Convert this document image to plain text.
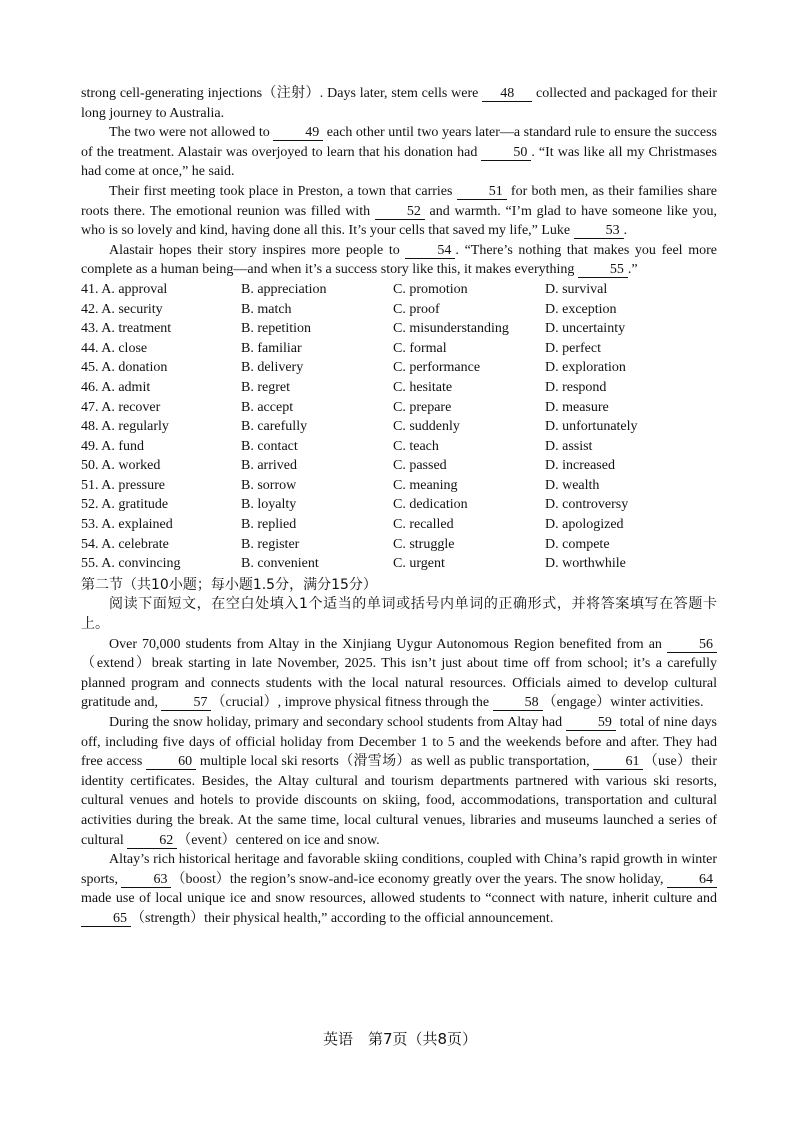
strong cell-generating injections（注射）. Days later, stem cells were 48 collected and packaged for their long journey to Australia.

The two were not allowed to 49 each other until two years later—a standard rule to ensure the success of the treatment. Alastair was overjoyed to learn that his donation had 50 . “It was like all my Christmases had come at once,” he said.

Their first meeting took place in Preston, a town that carries 51 for both men, as their families share roots there. The emotional reunion was filled with 52 and warmth. “I’m glad to have someone like you, who is so lovely and kind, having done all this. It’s your cells that saved my life,” Luke 53 .

Alastair hopes their story inspires more people to 54 . “There’s nothing that makes you feel more complete as a human being—and when it’s a success story like this, it makes everything 55 .”

41. A. approval	B. appreciation	C. promotion	D. survival
42. A. security	B. match	C. proof	D. exception
43. A. treatment	B. repetition	C. misunderstanding	D. uncertainty
44. A. close	B. familiar	C. formal	D. perfect
45. A. donation	B. delivery	C. performance	D. exploration
46. A. admit	B. regret	C. hesitate	D. respond
47. A. recover	B. accept	C. prepare	D. measure
48. A. regularly	B. carefully	C. suddenly	D. unfortunately
49. A. fund	B. contact	C. teach	D. assist
50. A. worked	B. arrived	C. passed	D. increased
51. A. pressure	B. sorrow	C. meaning	D. wealth
52. A. gratitude	B. loyalty	C. dedication	D. controversy
53. A. explained	B. replied	C. recalled	D. apologized
54. A. celebrate	B. register	C. struggle	D. compete
55. A. convincing	B. convenient	C. urgent	D. worthwhile

第二节（共10小题；每小题1.5分，满分15分）

阅读下面短文，在空白处填入1个适当的单词或括号内单词的正确形式，并将答案填写在答题卡上。

Over 70,000 students from Altay in the Xinjiang Uygur Autonomous Region benefited from an 56（extend）break starting in late November, 2025. This isn’t just about time off from school; it’s a carefully planned program and connects students with the local natural resources. Officials aimed to develop cultural gratitude and, 57 （crucial）, improve physical fitness through the 58 （engage）winter activities.

During the snow holiday, primary and secondary school students from Altay had 59 total of nine days off, including five days of official holiday from December 1 to 5 and the weekends before and after. They had free access 60 multiple local ski resorts（滑雪场）as well as public transportation, 61 （use）their identity certificates. Besides, the Altay cultural and tourism departments partnered with various ski resorts, cultural venues and hotels to provide discounts on skiing, food, accommodations, transportation and cultural activities during the break. At the same time, local cultural venues, libraries and museums launched a series of cultural 62 （event）centered on ice and snow.

Altay’s rich historical heritage and favorable skiing conditions, coupled with China’s rapid growth in winter sports, 63 （boost）the region’s snow-and-ice economy greatly over the years. The snow holiday, 64 made use of local unique ice and snow resources, allowed students to “connect with nature, inherit culture and 65 （strength）their physical health,” according to the official announcement.

英语　第7页（共8页）
